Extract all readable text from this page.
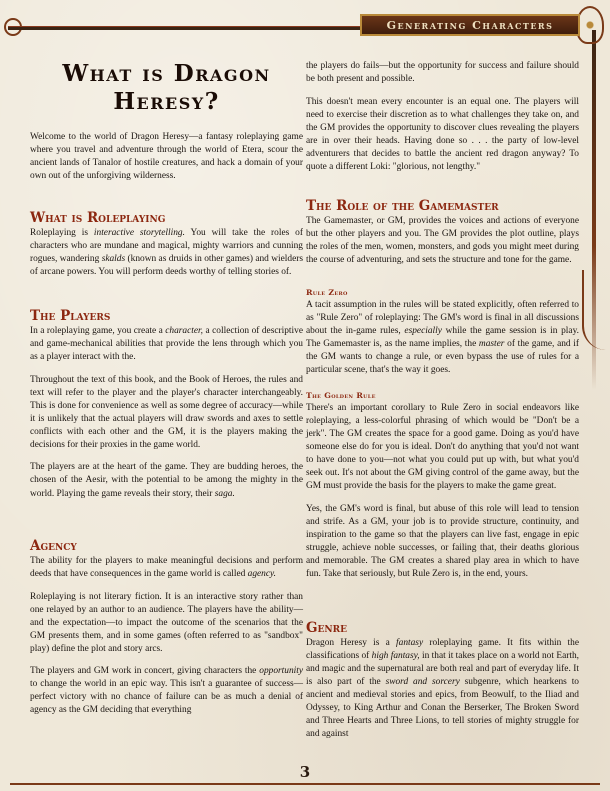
Generating Characters
What is Dragon
Heresy?

Welcome to the world of Dragon Heresy—a fantasy roleplaying game where you travel and adventure through the world of Etera, scour the ancient lands of Tanalor of hostile creatures, and hack a domain of your own out of the unforgiving wilderness.

What is Roleplaying

Roleplaying is interactive storytelling. You will take the roles of characters who are mundane and magical, mighty warriors and cunning rogues, wandering skalds (known as druids in other games) and wielders of arcane powers. You will perform deeds worthy of telling stories of.

The Players

In a roleplaying game, you create a character, a collection of descriptive and game-mechanical abilities that provide the lens through which you as a player interact with the.

Throughout the text of this book, and the Book of Heroes, the rules and text will refer to the player and the player's character interchangeably. This is done for convenience as well as some degree of accuracy—while it is unlikely that the actual players will draw swords and axes to settle conflicts with each other and the GM, it is the players making the decisions for their proxies in the game world.

The players are at the heart of the game. They are budding heroes, the chosen of the Aesir, with the potential to be among the mighty in the world. Playing the game reveals their story, their saga.

Agency

The ability for the players to make meaningful decisions and perform deeds that have consequences in the game world is called agency.

Roleplaying is not literary fiction. It is an interactive story rather than one relayed by an author to an audience. The players have the ability—and the expectation—to impact the outcome of the scenarios that the GM presents them, and in some games (often referred to as "sandbox" play) define the plot and story arcs.

The players and GM work in concert, giving characters the opportunity to change the world in an epic way. This isn't a guarantee of success—perfect victory with no chance of failure can be as much a denial of agency as the GM deciding that everything

the players do fails—but the opportunity for success and failure should be both present and possible.

This doesn't mean every encounter is an equal one. The players will need to exercise their discretion as to what challenges they take on, and the GM provides the opportunity to discover clues revealing the players are in over their heads. Having done so . . . the party of low-level adventurers that decides to battle the ancient red dragon anyway? To quote a different Loki: "glorious, not lengthy."

The Role of the Gamemaster

The Gamemaster, or GM, provides the voices and actions of everyone but the other players and you. The GM provides the plot outline, plays the roles of the men, women, monsters, and gods you might meet during the course of adventuring, and sets the structure and tone for the game.

Rule Zero

A tacit assumption in the rules will be stated explicitly, often referred to as "Rule Zero" of roleplaying: The GM's word is final in all discussions about the in-game rules, especially while the game session is in play. The Gamemaster is, as the name implies, the master of the game, and if the GM wants to change a rule, or even bypass the use of rules for a particular scene, that's the way it goes.

The Golden Rule

There's an important corollary to Rule Zero in social endeavors like roleplaying, a less-colorful phrasing of which would be "Don't be a jerk". The GM creates the space for a good game. Doing as you'd have someone else do for you is ideal. Don't do anything that you'd not want to have done to you—not what you could put up with, but what you'd seek out. It's not about the GM giving control of the game away, but the GM must provide the basis for the players to make the game great.

Yes, the GM's word is final, but abuse of this role will lead to tension and strife. As a GM, your job is to provide structure, continuity, and inspiration to the game so that the players can live fast, engage in epic struggle, achieve noble successes, or failing that, their deaths glorious and memorable. The GM creates a shared play area in which to have fun. Take that seriously, but Rule Zero is, in the end, yours.

Genre

Dragon Heresy is a fantasy roleplaying game. It fits within the classifications of high fantasy, in that it takes place on a world not Earth, and magic and the supernatural are both real and part of everyday life. It is also part of the sword and sorcery subgenre, which hearkens to ancient and medieval stories and epics, from Beowulf, to the Iliad and Odyssey, to King Arthur and Conan the Berserker, The Broken Sword and Three Hearts and Three Lions, to tell stories of mighty struggle for and against

3
